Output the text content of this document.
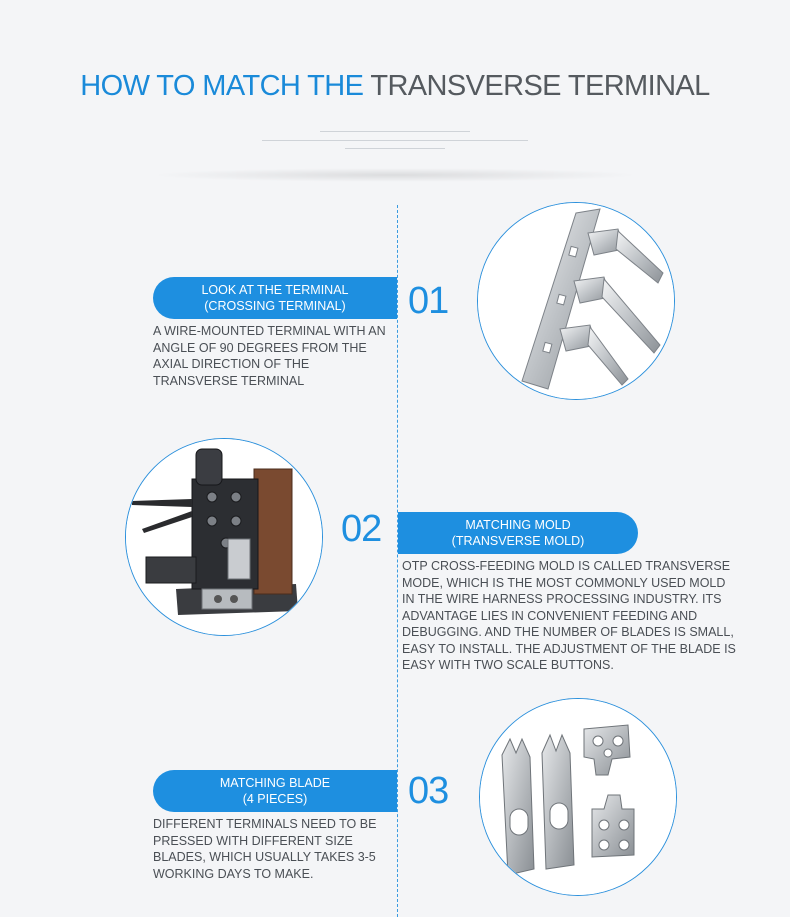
HOW TO MATCH THE TRANSVERSE TERMINAL
LOOK AT THE TERMINAL
(CROSSING TERMINAL)	01
A WIRE-MOUNTED TERMINAL WITH AN ANGLE OF 90 DEGREES FROM THE AXIAL DIRECTION OF THE TRANSVERSE TERMINAL
02	MATCHING MOLD
(TRANSVERSE MOLD)
OTP CROSS-FEEDING MOLD IS CALLED TRANSVERSE MODE, WHICH IS THE MOST COMMONLY USED MOLD IN THE WIRE HARNESS PROCESSING INDUSTRY. ITS ADVANTAGE LIES IN CONVENIENT FEEDING AND DEBUGGING. AND THE NUMBER OF BLADES IS SMALL, EASY TO INSTALL. THE ADJUSTMENT OF THE BLADE IS EASY WITH TWO SCALE BUTTONS.
MATCHING BLADE
(4 PIECES)	03
DIFFERENT TERMINALS NEED TO BE PRESSED WITH DIFFERENT SIZE BLADES, WHICH USUALLY TAKES 3-5 WORKING DAYS TO MAKE.
